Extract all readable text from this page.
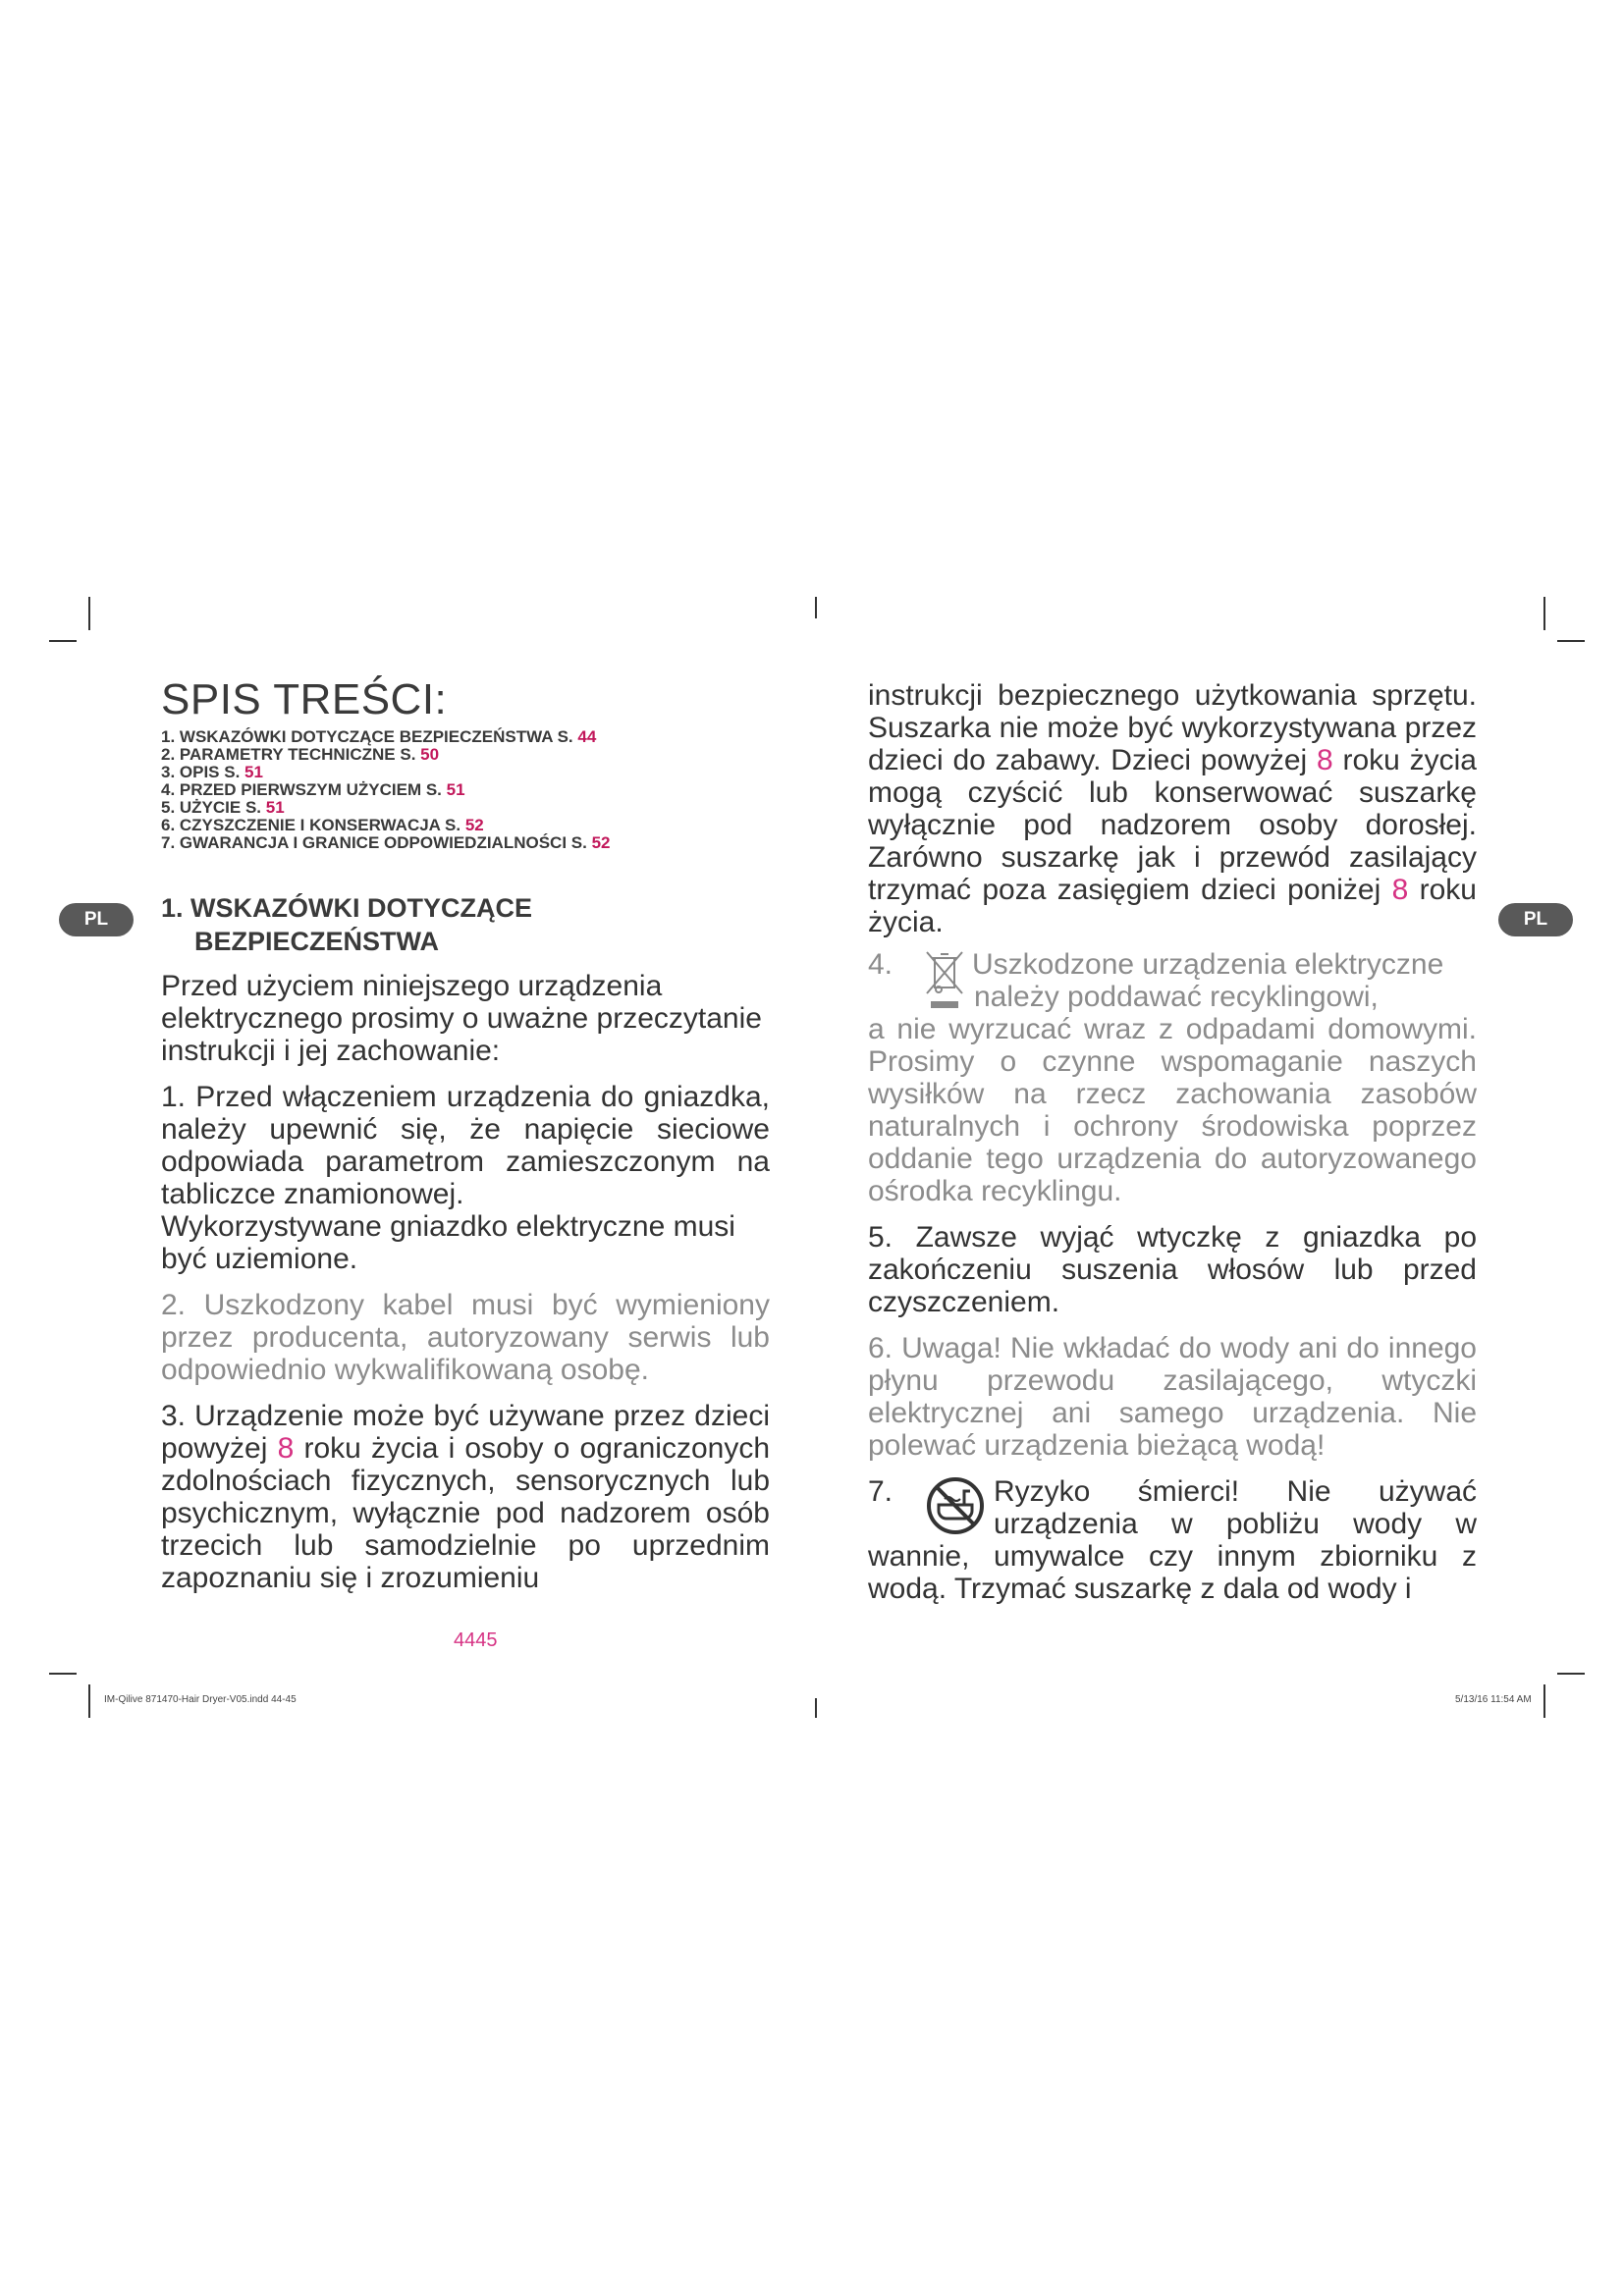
SPIS TREŚCI:
1. WSKAZÓWKI DOTYCZĄCE BEZPIECZEŃSTWA S. 44
2. PARAMETRY TECHNICZNE S. 50
3. OPIS S. 51
4. PRZED PIERWSZYM UŻYCIEM S. 51
5. UŻYCIE S. 51
6. CZYSZCZENIE I KONSERWACJA S. 52
7. GWARANCJA I GRANICE ODPOWIEDZIALNOŚCI S. 52
PL	PL
1. WSKAZÓWKI DOTYCZĄCE
BEZPIECZEŃSTWA

Przed użyciem niniejszego urządzenia elektrycznego prosimy o uważne przeczytanie instrukcji i jej zachowanie:

1. Przed włączeniem urządzenia do gniazdka, należy upewnić się, że napięcie sieciowe odpowiada parametrom zamieszczonym na tabliczce znamionowej.

Wykorzystywane gniazdko elektryczne musi być uziemione.

2. Uszkodzony kabel musi być wymieniony przez producenta, autoryzowany serwis lub odpowiednio wykwalifikowaną osobę.

3. Urządzenie może być używane przez dzieci powyżej 8 roku życia i osoby o ograniczonych zdolnościach fizycznych, sensorycznych lub psychicznym, wyłącznie pod nadzorem osób trzecich lub samodzielnie po uprzednim zapoznaniu się i zrozumieniu

instrukcji bezpiecznego użytkowania sprzętu. Suszarka nie może być wykorzystywana przez dzieci do zabawy. Dzieci powyżej 8 roku życia mogą czyścić lub konserwować suszarkę wyłącznie pod nadzorem osoby dorosłej. Zarówno suszarkę jak i przewód zasilający trzymać poza zasięgiem dzieci poniżej 8 roku życia.

4.	Uszkodzone urządzenia elektryczne
należy poddawać recyklingowi,

a nie wyrzucać wraz z odpadami domowymi. Prosimy o czynne wspomaganie naszych wysiłków na rzecz zachowania zasobów naturalnych i ochrony środowiska poprzez oddanie tego urządzenia do autoryzowanego ośrodka recyklingu.

5. Zawsze wyjąć wtyczkę z gniazdka po zakończeniu suszenia włosów lub przed czyszczeniem.

6. Uwaga! Nie wkładać do wody ani do innego płynu przewodu zasilającego, wtyczki elektrycznej ani samego urządzenia. Nie polewać urządzenia bieżącą wodą!

7.	Ryzyko śmierci! Nie używać
urządzenia w pobliżu wody w

wannie, umywalce czy innym zbiorniku z wodą. Trzymać suszarkę z dala od wody i

4445
IM-Qilive 871470-Hair Dryer-V05.indd 44-45	5/13/16 11:54 AM
